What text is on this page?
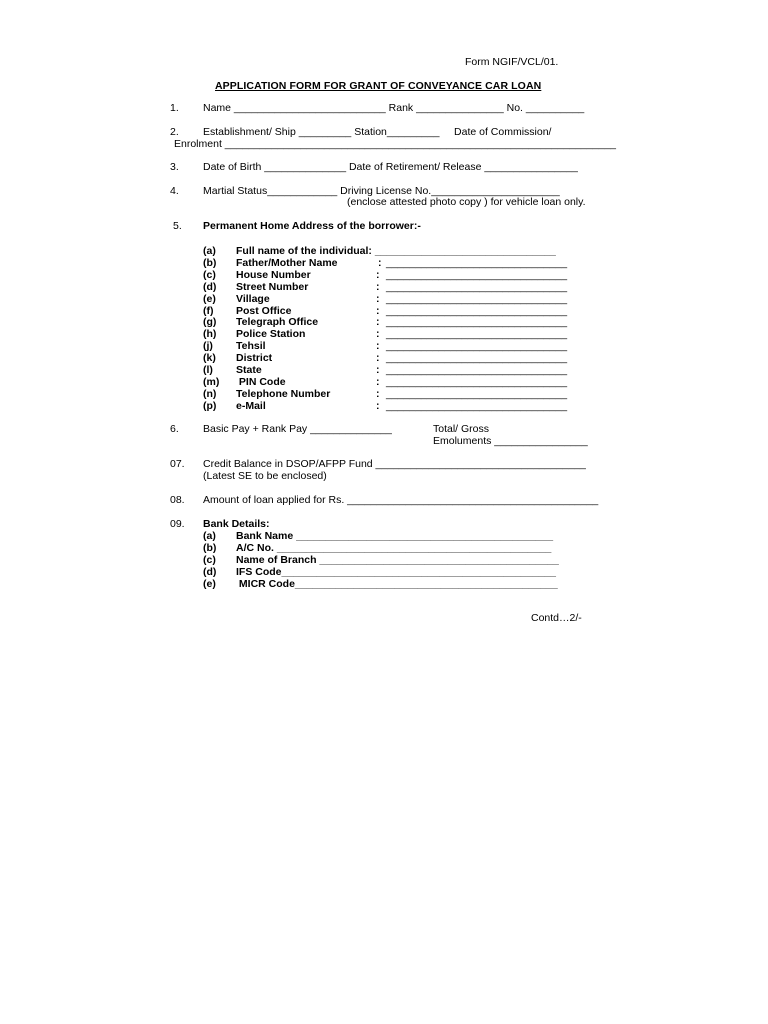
Form NGIF/VCL/01.
APPLICATION FORM FOR GRANT OF CONVEYANCE CAR LOAN
1. Name __________________________ Rank _______________ No. __________
2. Establishment/ Ship _________ Station_________     Date of Commission/
Enrolment ___________________________________________________________________
3. Date of Birth ______________ Date of Retirement/ Release ________________
4. Martial Status____________ Driving License No.______________________
(enclose attested photo copy ) for vehicle loan only.
5. Permanent Home Address of the borrower:-
(a) Full name of the individual: _______________________________
(b) Father/Mother Name	: _______________________________
(c) House Number	: _______________________________
(d) Street Number	: _______________________________
(e) Village	: _______________________________
(f) Post Office	: _______________________________
(g) Telegraph Office	: _______________________________
(h) Police Station	: _______________________________
(j) Tehsil	: _______________________________
(k) District	: _______________________________
(l) State	: _______________________________
(m) PIN Code	: _______________________________
(n) Telephone Number	: _______________________________
(p) e-Mail	: _______________________________
6. Basic Pay + Rank Pay ______________	Total/ Gross
Emoluments ________________
07. Credit Balance in DSOP/AFPP Fund ____________________________________
(Latest SE to be enclosed)
08. Amount of loan applied for Rs. ___________________________________________
09. Bank Details:
(a) Bank Name ____________________________________________
(b) A/C No. _______________________________________________
(c) Name of Branch _________________________________________
(d) IFS Code_______________________________________________
(e) MICR Code_____________________________________________
Contd…2/-
